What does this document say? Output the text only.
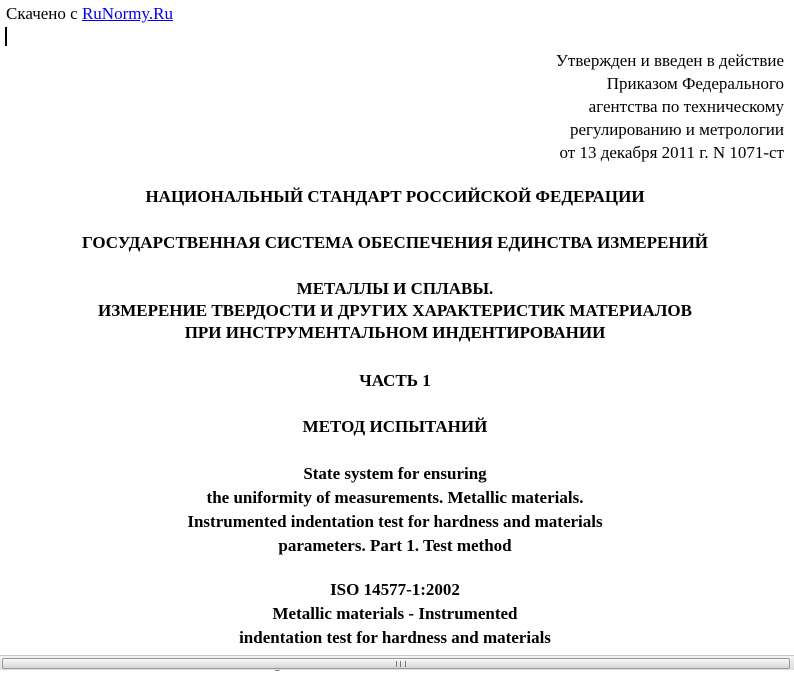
Скачено с RuNormy.Ru
Утвержден и введен в действие
Приказом Федерального
агентства по техническому
регулированию и метрологии
от 13 декабря 2011 г. N 1071-ст
НАЦИОНАЛЬНЫЙ СТАНДАРТ РОССИЙСКОЙ ФЕДЕРАЦИИ
ГОСУДАРСТВЕННАЯ СИСТЕМА ОБЕСПЕЧЕНИЯ ЕДИНСТВА ИЗМЕРЕНИЙ
МЕТАЛЛЫ И СПЛАВЫ.
ИЗМЕРЕНИЕ ТВЕРДОСТИ И ДРУГИХ ХАРАКТЕРИСТИК МАТЕРИАЛОВ
ПРИ ИНСТРУМЕНТАЛЬНОМ ИНДЕНТИРОВАНИИ
ЧАСТЬ 1
МЕТОД ИСПЫТАНИЙ
State system for ensuring
the uniformity of measurements. Metallic materials.
Instrumented indentation test for hardness and materials
parameters. Part 1. Test method
ISO 14577-1:2002
Metallic materials - Instrumented
indentation test for hardness and materials
